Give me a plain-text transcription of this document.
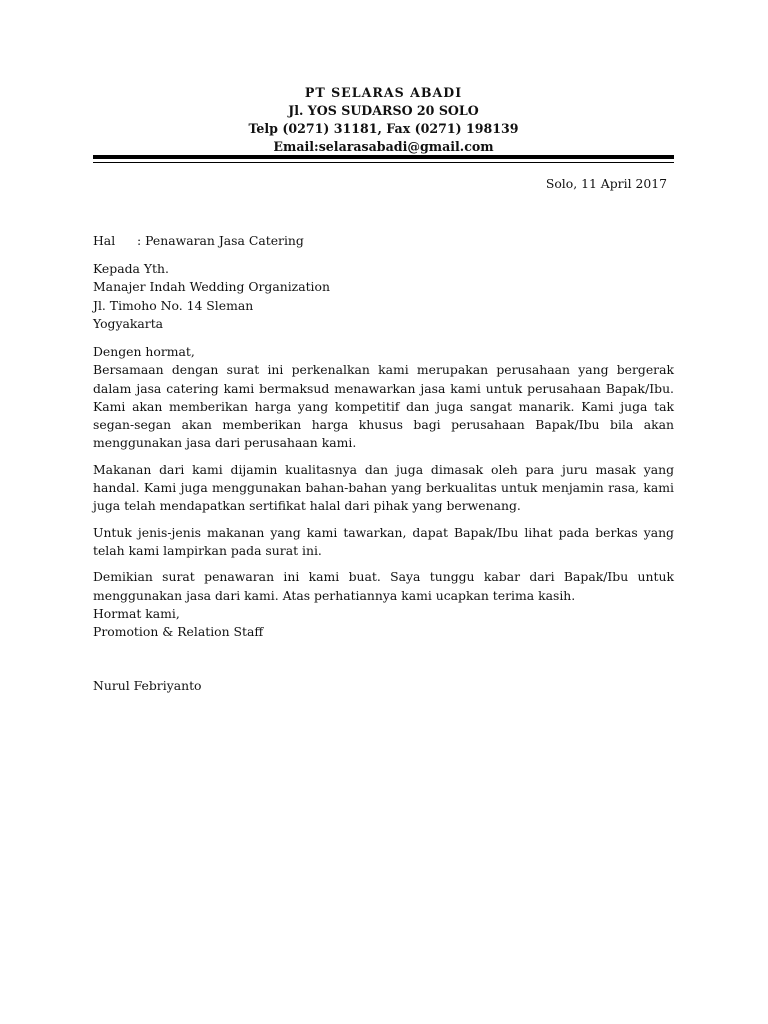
PT SELARAS ABADI
Jl. YOS SUDARSO 20 SOLO
Telp (0271) 31181, Fax (0271) 198139
Email:selarasabadi@gmail.com
Solo, 11 April 2017
Hal : Penawaran Jasa Catering
Kepada Yth.
Manajer Indah Wedding Organization
Jl. Timoho No. 14 Sleman
Yogyakarta

Dengen hormat,

Bersamaan dengan surat ini perkenalkan kami merupakan perusahaan yang bergerak dalam jasa catering kami bermaksud menawarkan jasa kami untuk perusahaan Bapak/Ibu. Kami akan memberikan harga yang kompetitif dan juga sangat manarik. Kami juga tak segan-segan akan memberikan harga khusus bagi perusahaan Bapak/Ibu bila akan menggunakan jasa dari perusahaan kami.

Makanan dari kami dijamin kualitasnya dan juga dimasak oleh para juru masak yang handal. Kami juga menggunakan bahan-bahan yang berkualitas untuk menjamin rasa, kami juga telah mendapatkan sertifikat halal dari pihak yang berwenang.

Untuk jenis-jenis makanan yang kami tawarkan, dapat Bapak/Ibu lihat pada berkas yang telah kami lampirkan pada surat ini.

Demikian surat penawaran ini kami buat. Saya tunggu kabar dari Bapak/Ibu untuk menggunakan jasa dari kami. Atas perhatiannya kami ucapkan terima kasih.

Hormat kami,
Promotion & Relation Staff
Nurul Febriyanto
